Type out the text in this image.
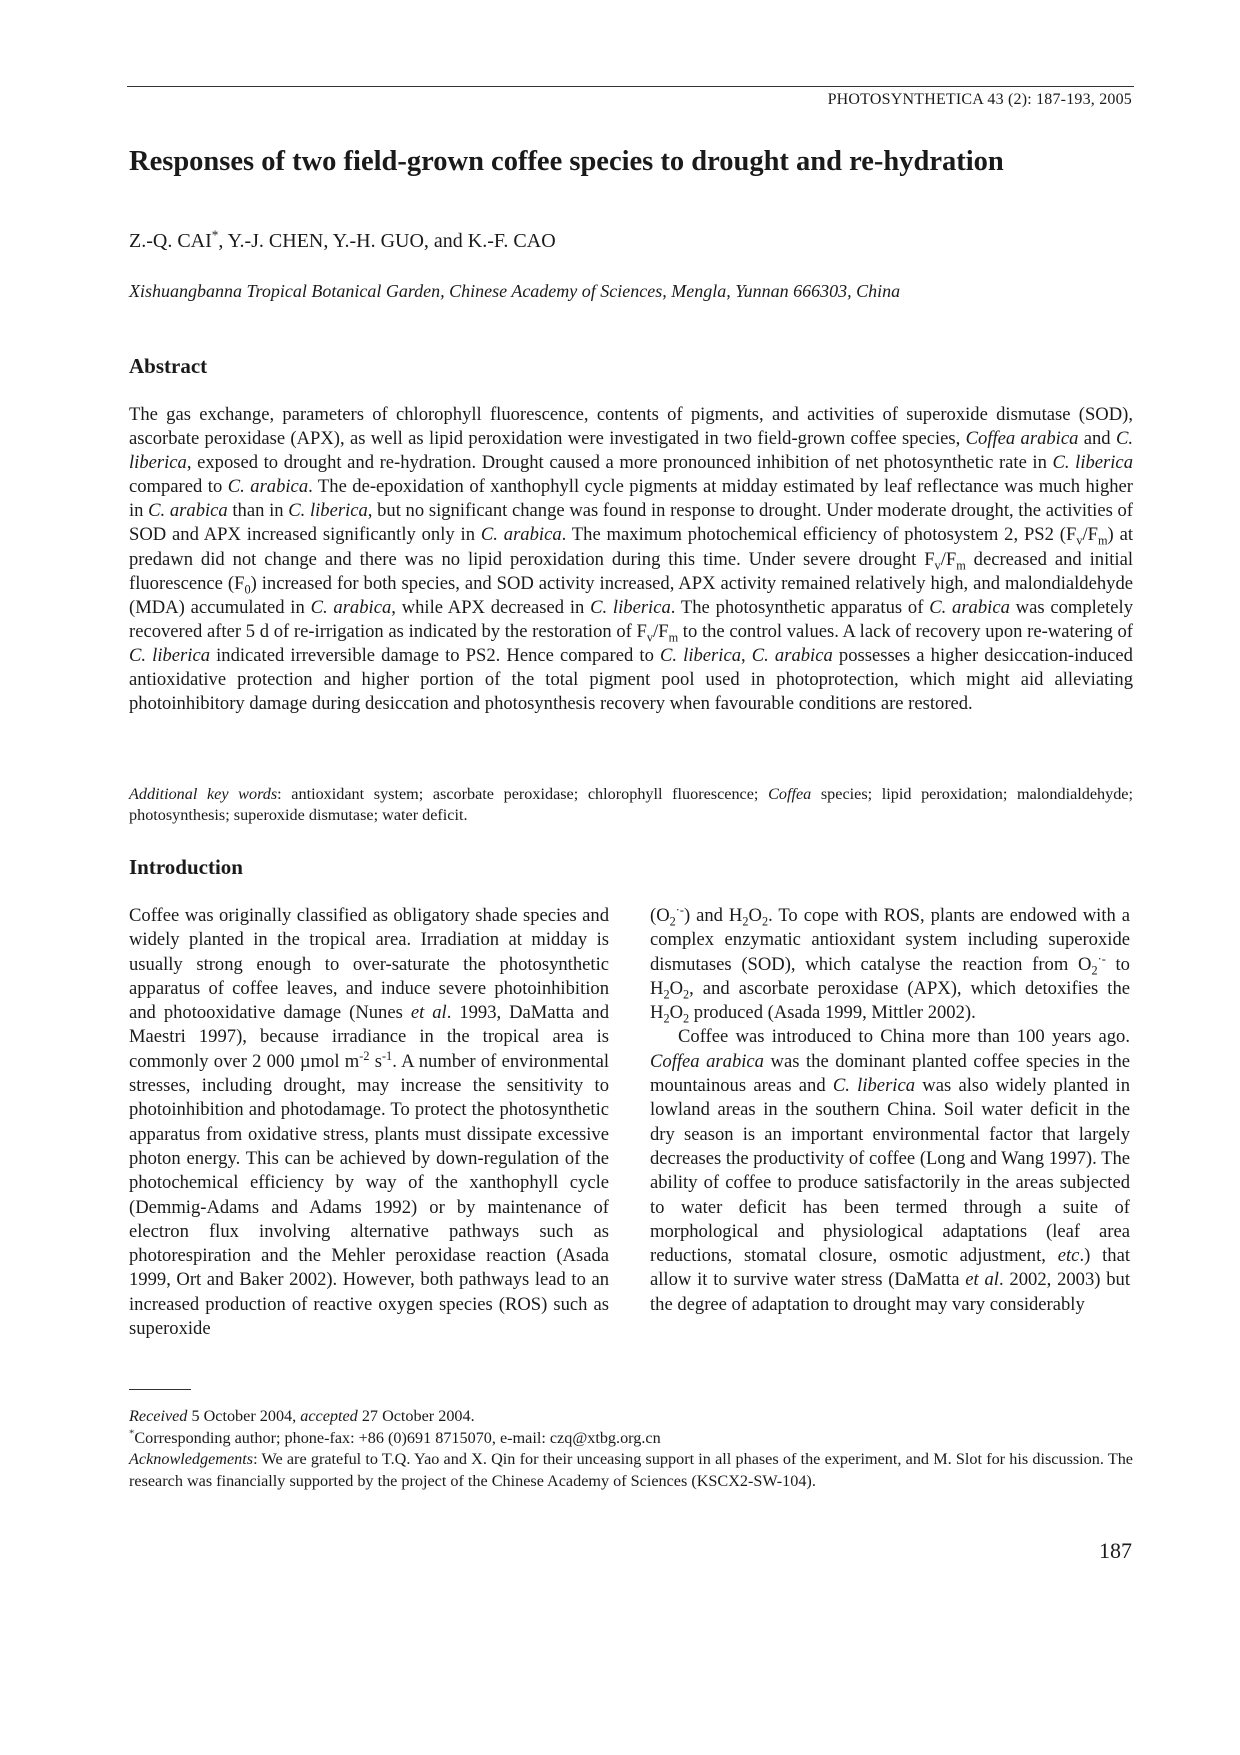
PHOTOSYNTHETICA 43 (2): 187-193, 2005
Responses of two field-grown coffee species to drought and re-hydration
Z.-Q. CAI*, Y.-J. CHEN, Y.-H. GUO, and K.-F. CAO
Xishuangbanna Tropical Botanical Garden, Chinese Academy of Sciences, Mengla, Yunnan 666303, China
Abstract

The gas exchange, parameters of chlorophyll fluorescence, contents of pigments, and activities of superoxide dismutase (SOD), ascorbate peroxidase (APX), as well as lipid peroxidation were investigated in two field-grown coffee species, Coffea arabica and C. liberica, exposed to drought and re-hydration. Drought caused a more pronounced inhibition of net photosynthetic rate in C. liberica compared to C. arabica. The de-epoxidation of xanthophyll cycle pigments at midday estimated by leaf reflectance was much higher in C. arabica than in C. liberica, but no significant change was found in response to drought. Under moderate drought, the activities of SOD and APX increased significantly only in C. arabica. The maximum photochemical efficiency of photosystem 2, PS2 $(F_v/F_m)$ at predawn did not change and there was no lipid peroxidation during this time. Under severe drought $F_v/F_m$ decreased and initial fluorescence $(F_0)$ increased for both species, and SOD activity increased, APX activity remained relatively high, and malondialdehyde (MDA) accumulated in C. arabica, while APX decreased in C. liberica. The photosynthetic apparatus of C. arabica was completely recovered after 5 d of re-irrigation as indicated by the restoration of $F_v/F_m$ to the control values. A lack of recovery upon re-watering of C. liberica indicated irreversible damage to PS2. Hence compared to C. liberica, C. arabica possesses a higher desiccation-induced antioxidative protection and higher portion of the total pigment pool used in photoprotection, which might aid alleviating photoinhibitory damage during desiccation and photosynthesis recovery when favourable conditions are restored.

Additional key words: antioxidant system; ascorbate peroxidase; chlorophyll fluorescence; Coffea species; lipid peroxidation; malondialdehyde; photosynthesis; superoxide dismutase; water deficit.

Introduction

Coffee was originally classified as obligatory shade species and widely planted in the tropical area. Irradiation at midday is usually strong enough to over-saturate the photosynthetic apparatus of coffee leaves, and induce severe photoinhibition and photooxidative damage (Nunes et al. 1993, DaMatta and Maestri 1997), because irradiance in the tropical area is commonly over 2 000 µmol $m^{-2}$ $s^{-1}$. A number of environmental stresses, including drought, may increase the sensitivity to photoinhibition and photodamage. To protect the photosynthetic apparatus from oxidative stress, plants must dissipate excessive photon energy. This can be achieved by down-regulation of the photochemical efficiency by way of the xanthophyll cycle (Demmig-Adams and Adams 1992) or by maintenance of electron flux involving alternative pathways such as photorespiration and the Mehler peroxidase reaction (Asada 1999, Ort and Baker 2002). However, both pathways lead to an increased production of reactive oxygen species (ROS) such as superoxide

$(O_2^{\cdot-})$ and $H_2O_2$. To cope with ROS, plants are endowed with a complex enzymatic antioxidant system including superoxide dismutases (SOD), which catalyse the reaction from $O_2^{\cdot-}$ to $H_2O_2$, and ascorbate peroxidase (APX), which detoxifies the $H_2O_2$ produced (Asada 1999, Mittler 2002).

Coffee was introduced to China more than 100 years ago. Coffea arabica was the dominant planted coffee species in the mountainous areas and C. liberica was also widely planted in lowland areas in the southern China. Soil water deficit in the dry season is an important environmental factor that largely decreases the productivity of coffee (Long and Wang 1997). The ability of coffee to produce satisfactorily in the areas subjected to water deficit has been termed through a suite of morphological and physiological adaptations (leaf area reductions, stomatal closure, osmotic adjustment, etc.) that allow it to survive water stress (DaMatta et al. 2002, 2003) but the degree of adaptation to drought may vary considerably

Received 5 October 2004, accepted 27 October 2004.

*Corresponding author; phone-fax: +86 (0)691 8715070, e-mail: czq@xtbg.org.cn

Acknowledgements: We are grateful to T.Q. Yao and X. Qin for their unceasing support in all phases of the experiment, and M. Slot for his discussion. The research was financially supported by the project of the Chinese Academy of Sciences (KSCX2-SW-104).

187
